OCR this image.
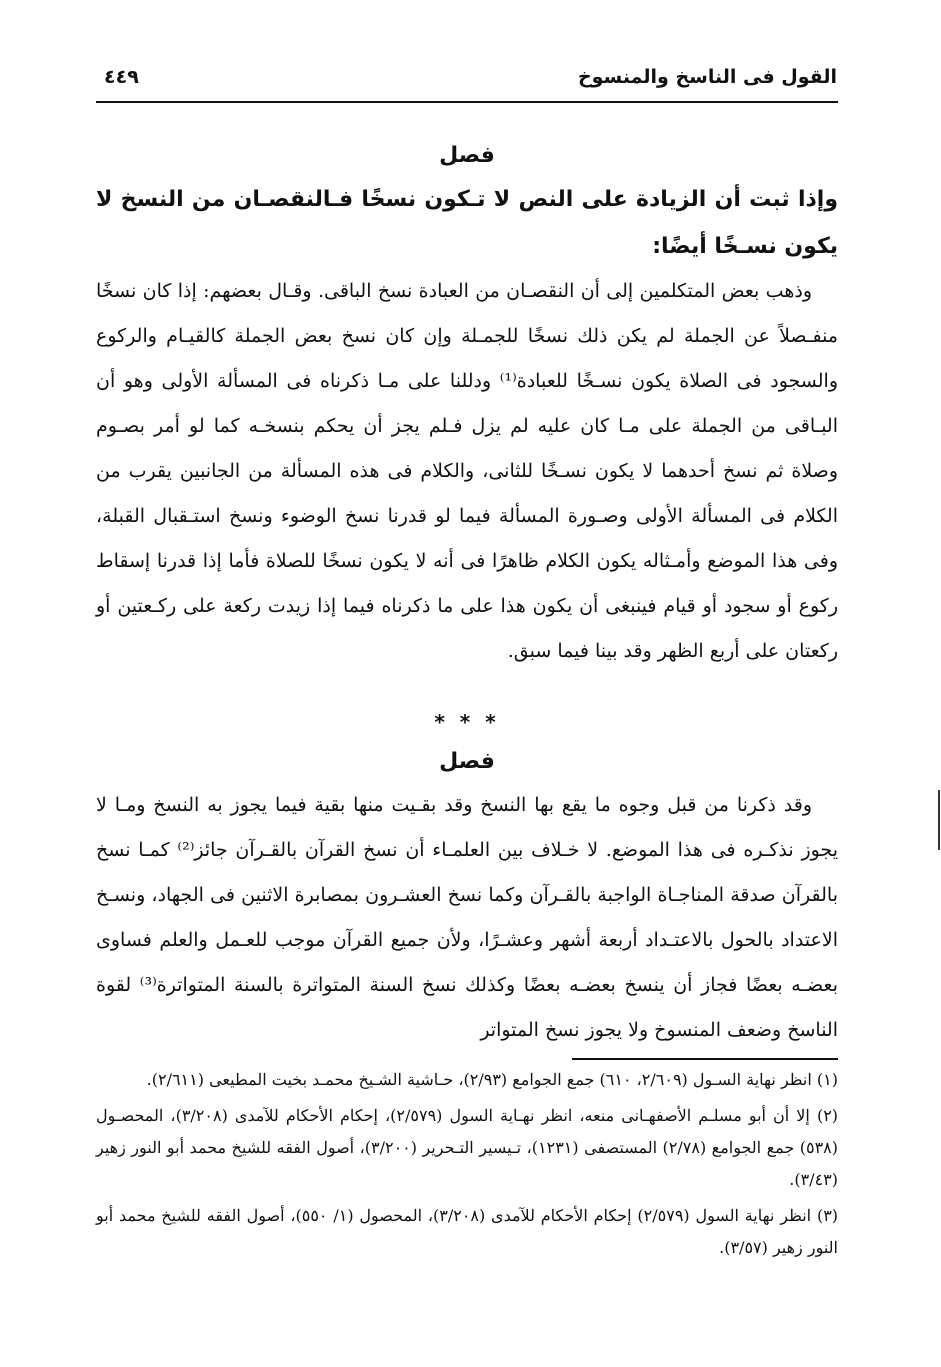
القول فى الناسخ والمنسوخ
٤٤٩
فصل
وإذا ثبت أن الزيادة على النص لا تـكون نسخًا فـالنقصـان من النسخ لا يكون نسـخًا أيضًا:

وذهب بعض المتكلمين إلى أن النقصـان من العبادة نسخ الباقى. وقـال بعضهم: إذا كان نسخًا منفـصلاً عن الجملة لم يكن ذلك نسخًا للجمـلة وإن كان نسخ بعض الجملة كالقيـام والركوع والسجود فى الصلاة يكون نسـخًا للعبادة⁽¹⁾ ودللنا على مـا ذكرناه فى المسألة الأولى وهو أن البـاقى من الجملة على مـا كان عليه لم يزل فـلم يجز أن يحكم بنسخـه كما لو أمر بصـوم وصلاة ثم نسخ أحدهما لا يكون نسـخًا للثانى، والكلام فى هذه المسألة من الجانبين يقرب من الكلام فى المسألة الأولى وصـورة المسألة فيما لو قدرنا نسخ الوضوء ونسخ استـقبال القبلة، وفى هذا الموضع وأمـثاله يكون الكلام ظاهرًا فى أنه لا يكون نسخًا للصلاة فأما إذا قدرنا إسقاط ركوع أو سجود أو قيام فينبغى أن يكون هذا على ما ذكرناه فيما إذا زيدت ركعة على ركـعتين أو ركعتان على أربع الظهر وقد بينا فيما سبق.

* * *
فصل

وقد ذكرنا من قبل وجوه ما يقع بها النسخ وقد بقـيت منها بقية فيما يجوز به النسخ ومـا لا يجوز نذكـره فى هذا الموضع. لا خـلاف بين العلمـاء أن نسخ القرآن بالقـرآن جائز⁽²⁾ كمـا نسخ بالقرآن صدقة المناجـاة الواجبة بالقـرآن وكما نسخ العشـرون بمصابرة الاثنين فى الجهاد، ونسـخ الاعتداد بالحول بالاعتـداد أربعة أشهر وعشـرًا، ولأن جميع القرآن موجب للعـمل والعلم فساوى بعضـه بعضًا فجاز أن ينسخ بعضـه بعضًا وكذلك نسخ السنة المتواترة بالسنة المتواترة⁽³⁾ لقوة الناسخ وضعف المنسوخ ولا يجوز نسخ المتواتر

(١) انظر نهاية السـول (٢/٦٠٩، ٦١٠) جمع الجوامع (٢/٩٣)، حـاشية الشـيخ محمـد بخيت المطيعى (٢/٦١١).

(٢) إلا أن أبو مسلـم الأصفهـانى منعه، انظر نهـاية السول (٢/٥٧٩)، إحكام الأحكام للآمدى (٣/٢٠٨)، المحصـول (٥٣٨) جمع الجوامع (٢/٧٨) المستصفى (١٢٣١)، تـيسير التـحرير (٣/٢٠٠)، أصول الفقه للشيخ محمد أبو النور زهير (٣/٤٣).

(٣) انظر نهاية السول (٢/٥٧٩) إحكام الأحكام للآمدى (٣/٢٠٨)، المحصول (١/ ٥٥٠)، أصول الفقه للشيخ محمد أبو النور زهير (٣/٥٧).
